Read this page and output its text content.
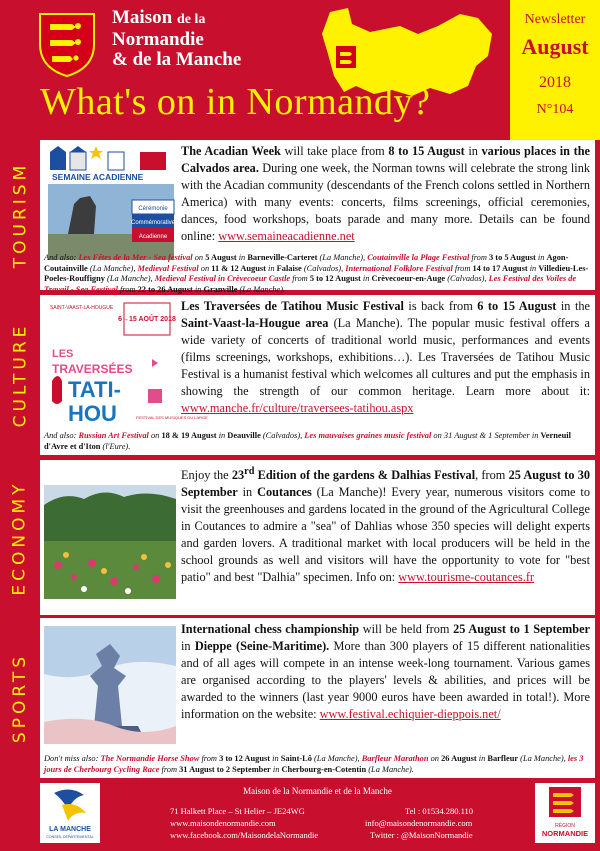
Maison de la
Normandie
& de la Manche
Newsletter
August
2018
N°104
What's on in Normandy?
TOURISM	SEMAINE ACADIENNE
Cérémonie
Commémorative
Acadienne
The Acadian Week will take place from 8 to 15 August in various places in the Calvados area. During one week, the Norman towns will celebrate the strong link with the Acadian community (descendants of the French colons settled in Northern America) with many events: concerts, films screenings, official ceremonies, dances, food workshops, boats parade and many more. Details can be found online: www.semaineacadienne.net
And also: Les Fêtes de la Mer - Sea festival on 5 August in Barneville-Carteret (La Manche), Coutainville la Plage Festival from 3 to 5 August in Agon-Coutainville (La Manche), Medieval Festival on 11 & 12 August in Falaise (Calvados), International Folklore Festival from 14 to 17 August in Villedieu-Les-Poeles-Rouffigny (La Manche), Medieval Festival in Crèvecoeur Castle from 5 to 12 August in Crèvecoeur-en-Auge (Calvados), Les Festival des Voiles de Travail - Sea Festival from 22 to 26 August in Granville (La Manche).
CULTURE
SAINT-VAAST-LA-HOUGUE
6→15 AOÛT 2018
LES
TRAVERSÉES
TATI-
HOU	FESTIVAL DES MUSIQUES DU LARGE
Les Traversées de Tatihou Music Festival is back from 6 to 15 August in the Saint-Vaast-la-Hougue area (La Manche). The popular music festival offers a wide variety of concerts of traditional world music, performances and events (films screenings, workshops, exhibitions…). Les Traversées de Tatihou Music Festival is a humanist festival which welcomes all cultures and put the emphasis in showing the strength of our common heritage. Learn more about it: www.manche.fr/culture/traversees-tatihou.aspx
And also: Russian Art Festival on 18 & 19 August in Deauville (Calvados), Les mauvaises graines music festival on 31 August & 1 September in Verneuil d'Avre et d'Iton (l'Eure).
ECONOMY
Enjoy the 23rd Edition of the gardens & Dalhias Festival, from 25 August to 30 September in Coutances (La Manche)! Every year, numerous visitors come to visit the greenhouses and gardens located in the ground of the Agricultural College in Coutances to admire a "sea" of Dahlias whose 350 species will delight experts and garden lovers. A traditional market with local producers will be held in the school grounds as well and visitors will have the opportunity to vote for "best patio" and best "Dalhia" specimen. Info on: www.tourisme-coutances.fr
SPORTS
International chess championship will be held from 25 August to 1 September in Dieppe (Seine-Maritime). More than 300 players of 15 different nationalities and of all ages will compete in an intense week-long tournament. Various games are organised according to the players' levels & abilities, and prices will be awarded to the winners (last year 9000 euros have been awarded in total!). More information on the website: www.festival.echiquier-dieppois.net/
Don't miss also: The Normandie Horse Show from 3 to 12 August in Saint-Lô (La Manche), Barfleur Marathon on 26 August in Barfleur (La Manche), les 3 jours de Cherbourg Cycling Race from 31 August to 2 September in Cherbourg-en-Cotentin (La Manche).
LA MANCHE
CONSEIL DÉPARTEMENTAL
Maison de la Normandie et de la Manche
71 Halkett Place – St Helier – JE24WG
www.maisondenormandie.com
www.facebook.com/MaisondelaNormandie
Tel : 01534.280.110
info@maisondenormandie.com
Twitter : @MaisonNormandie
RÉGION
NORMANDIE
